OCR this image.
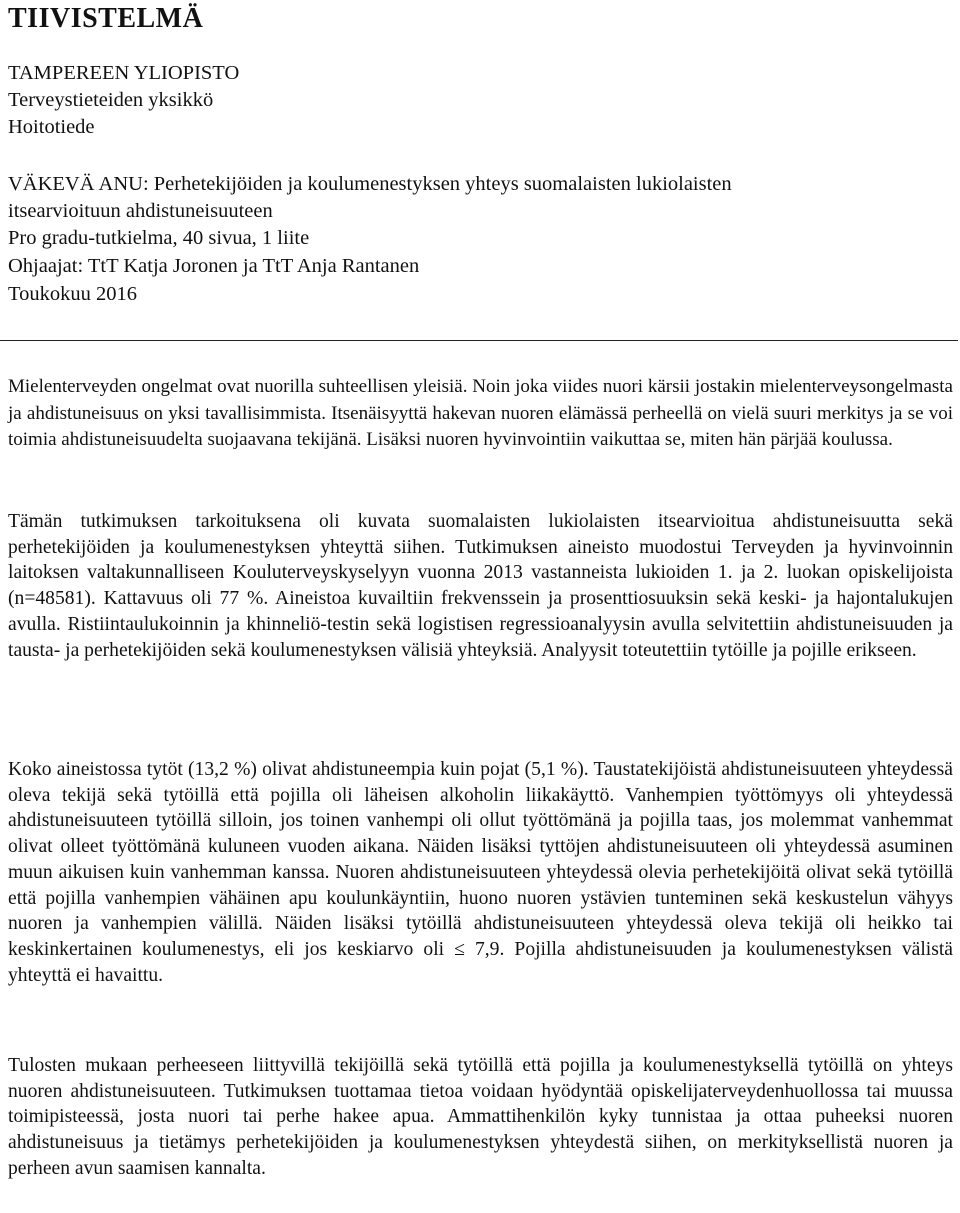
TIIVISTELMÄ
TAMPEREEN YLIOPISTO
Terveystieteiden yksikkö
Hoitotiede
VÄKEVÄ ANU: Perhetekijöiden ja koulumenestyksen yhteys suomalaisten lukiolaisten
itsearvioituun ahdistuneisuuteen
Pro gradu-tutkielma, 40 sivua, 1 liite
Ohjaajat: TtT Katja Joronen ja TtT Anja Rantanen
Toukokuu 2016

Mielenterveyden ongelmat ovat nuorilla suhteellisen yleisiä. Noin joka viides nuori kärsii jostakin mielenterveysongelmasta ja ahdistuneisuus on yksi tavallisimmista. Itsenäisyyttä hakevan nuoren elämässä perheellä on vielä suuri merkitys ja se voi toimia ahdistuneisuudelta suojaavana tekijänä. Lisäksi nuoren hyvinvointiin vaikuttaa se, miten hän pärjää koulussa.

Tämän tutkimuksen tarkoituksena oli kuvata suomalaisten lukiolaisten itsearvioitua ahdistuneisuutta sekä perhetekijöiden ja koulumenestyksen yhteyttä siihen. Tutkimuksen aineisto muodostui Terveyden ja hyvinvoinnin laitoksen valtakunnalliseen Kouluterveyskyselyyn vuonna 2013 vastanneista lukioiden 1. ja 2. luokan opiskelijoista (n=48581). Kattavuus oli 77 %. Aineistoa kuvailtiin frekvenssein ja prosenttiosuuksin sekä keski- ja hajontalukujen avulla. Ristiintaulukoinnin ja khinneliö-testin sekä logistisen regressioanalyysin avulla selvitettiin ahdistuneisuuden ja tausta- ja perhetekijöiden sekä koulumenestyksen välisiä yhteyksiä. Analyysit toteutettiin tytöille ja pojille erikseen.

Koko aineistossa tytöt (13,2 %) olivat ahdistuneempia kuin pojat (5,1 %). Taustatekijöistä ahdistuneisuuteen yhteydessä oleva tekijä sekä tytöillä että pojilla oli läheisen alkoholin liikakäyttö. Vanhempien työttömyys oli yhteydessä ahdistuneisuuteen tytöillä silloin, jos toinen vanhempi oli ollut työttömänä ja pojilla taas, jos molemmat vanhemmat olivat olleet työttömänä kuluneen vuoden aikana. Näiden lisäksi tyttöjen ahdistuneisuuteen oli yhteydessä asuminen muun aikuisen kuin vanhemman kanssa. Nuoren ahdistuneisuuteen yhteydessä olevia perhetekijöitä olivat sekä tytöillä että pojilla vanhempien vähäinen apu koulunkäyntiin, huono nuoren ystävien tunteminen sekä keskustelun vähyys nuoren ja vanhempien välillä. Näiden lisäksi tytöillä ahdistuneisuuteen yhteydessä oleva tekijä oli heikko tai keskinkertainen koulumenestys, eli jos keskiarvo oli ≤ 7,9. Pojilla ahdistuneisuuden ja koulumenestyksen välistä yhteyttä ei havaittu.

Tulosten mukaan perheeseen liittyvillä tekijöillä sekä tytöillä että pojilla ja koulumenestyksellä tytöillä on yhteys nuoren ahdistuneisuuteen. Tutkimuksen tuottamaa tietoa voidaan hyödyntää opiskelijaterveydenhuollossa tai muussa toimipisteessä, josta nuori tai perhe hakee apua. Ammattihenkilön kyky tunnistaa ja ottaa puheeksi nuoren ahdistuneisuus ja tietämys perhetekijöiden ja koulumenestyksen yhteydestä siihen, on merkityksellistä nuoren ja perheen avun saamisen kannalta.
